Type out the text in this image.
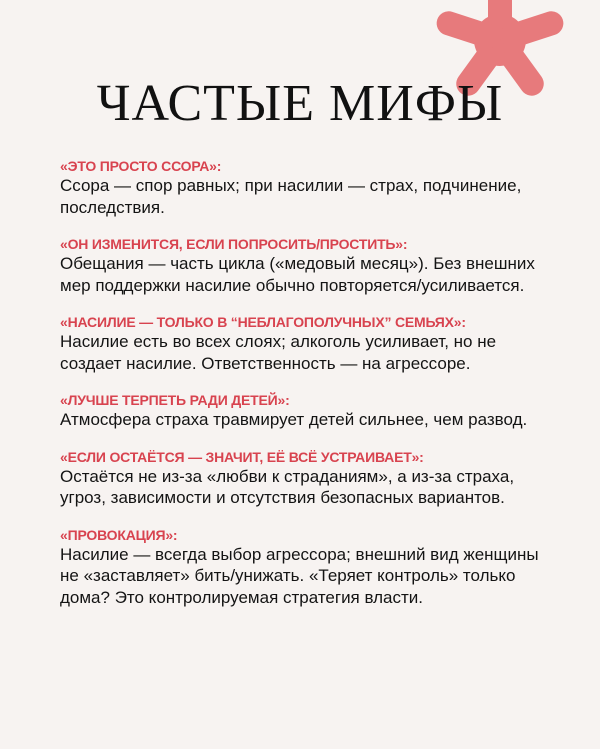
ЧАСТЫЕ МИФЫ
«ЭТО ПРОСТО ССОРА»:
Ссора — спор равных; при насилии — страх, подчинение, последствия.
«ОН ИЗМЕНИТСЯ, ЕСЛИ ПОПРОСИТЬ/ПРОСТИТЬ»:
Обещания — часть цикла («медовый месяц»). Без внешних мер поддержки насилие обычно повторяется/усиливается.
«НАСИЛИЕ — ТОЛЬКО В “НЕБЛАГОПОЛУЧНЫХ” СЕМЬЯХ»:
Насилие есть во всех слоях; алкоголь усиливает, но не создает насилие. Ответственность — на агрессоре.
«ЛУЧШЕ ТЕРПЕТЬ РАДИ ДЕТЕЙ»:
Атмосфера страха травмирует детей сильнее, чем развод.
«ЕСЛИ ОСТАЁТСЯ — ЗНАЧИТ, ЕЁ ВСЁ УСТРАИВАЕТ»:
Остаётся не из-за «любви к страданиям», а из-за страха, угроз, зависимости и отсутствия безопасных вариантов.
«ПРОВОКАЦИЯ»:
Насилие — всегда выбор агрессора; внешний вид женщины не «заставляет» бить/унижать. «Теряет контроль» только дома? Это контролируемая стратегия власти.
